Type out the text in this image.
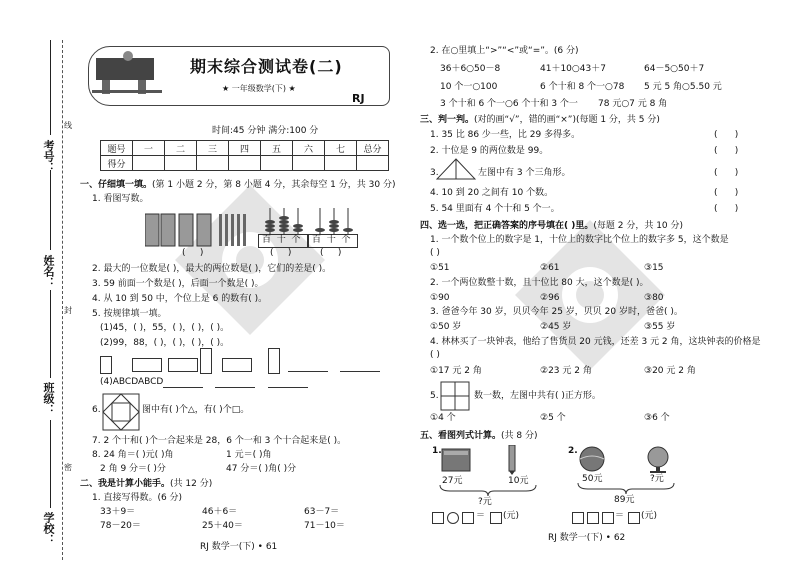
考号：
姓名：
班级：
学校：
线
封
密
期末综合测试卷(二)
★ 一年级数学(下) ★
RJ
时间:45 分钟 满分:100 分
题号	一	二	三	四	五	六	七	总分
得分								
一、仔细填一填。(第 1 小题 2 分，第 8 小题 4 分，其余每空 1 分，共 30 分)
1. 看图写数。
( )
百 十 个
( )
百 十 个
( )
2. 最大的一位数是( )，最大的两位数是( )，它们的差是( )。
3. 59 前面一个数是( )，后面一个数是( )。
4. 从 10 到 50 中，个位上是 6 的数有( )。
5. 按规律填一填。
(1)45，( )，55，( )，( )，( )。
(2)99，88，( )，( )，( )，( )。
(4)ABCDABCD
6.	图中有( )个△，有( )个□。
7. 2 个十和( )个一合起来是 28，6 个一和 3 个十合起来是( )。
8. 24 角＝( )元( )角	1 元＝( )角
2 角 9 分＝( )分	47 分＝( )角( )分
二、我是计算小能手。(共 12 分)
1. 直接写得数。(6 分)
33＋9＝	46＋6＝	63－7＝
78－20＝	25＋40＝	71－10＝
RJ 数学一(下) • 61
2. 在○里填上“>”“<”或“=”。(6 分)
36＋6○50－8	41＋10○43＋7	64－5○50＋7
10 个一○100	6 个十和 8 个一○78 5 元 5 角○5.50 元
3 个十和 6 个一○6 个十和 3 个一 78 元○7 元 8 角
三、判一判。(对的画“√”，错的画“×”)(每题 1 分，共 5 分)
1. 35 比 86 少一些，比 29 多得多。	( )
2. 十位是 9 的两位数是 99。	( )
3.	左图中有 3 个三角形。	( )
4. 10 到 20 之间有 10 个数。	( )
5. 54 里面有 4 个十和 5 个一。	( )
四、选一选，把正确答案的序号填在( )里。(每题 2 分，共 10 分)
1. 一个数个位上的数字是 1，十位上的数字比个位上的数字多 5，这个数是
( )
①51	②61	③15
2. 一个两位数整十数，且十位比 80 大，这个数是( )。
①90	②96	③80
3. 爸爸今年 30 岁，贝贝今年 25 岁，贝贝 20 岁时，爸爸( )。
①50 岁	②45 岁	③55 岁
4. 林林买了一块钟表，他给了售货员 20 元钱，还差 3 元 2 角，这块钟表的价格是
( )
①17 元 2 角	②23 元 2 角	③20 元 2 角
5.	数一数，左图中共有( )正方形。
①4 个	②5 个	③6 个
五、看图列式计算。(共 8 分)
1.
27元	10元
?元
＝ (元)
2.
50元	?元
89元
＝ (元)
RJ 数学一(下) • 62
